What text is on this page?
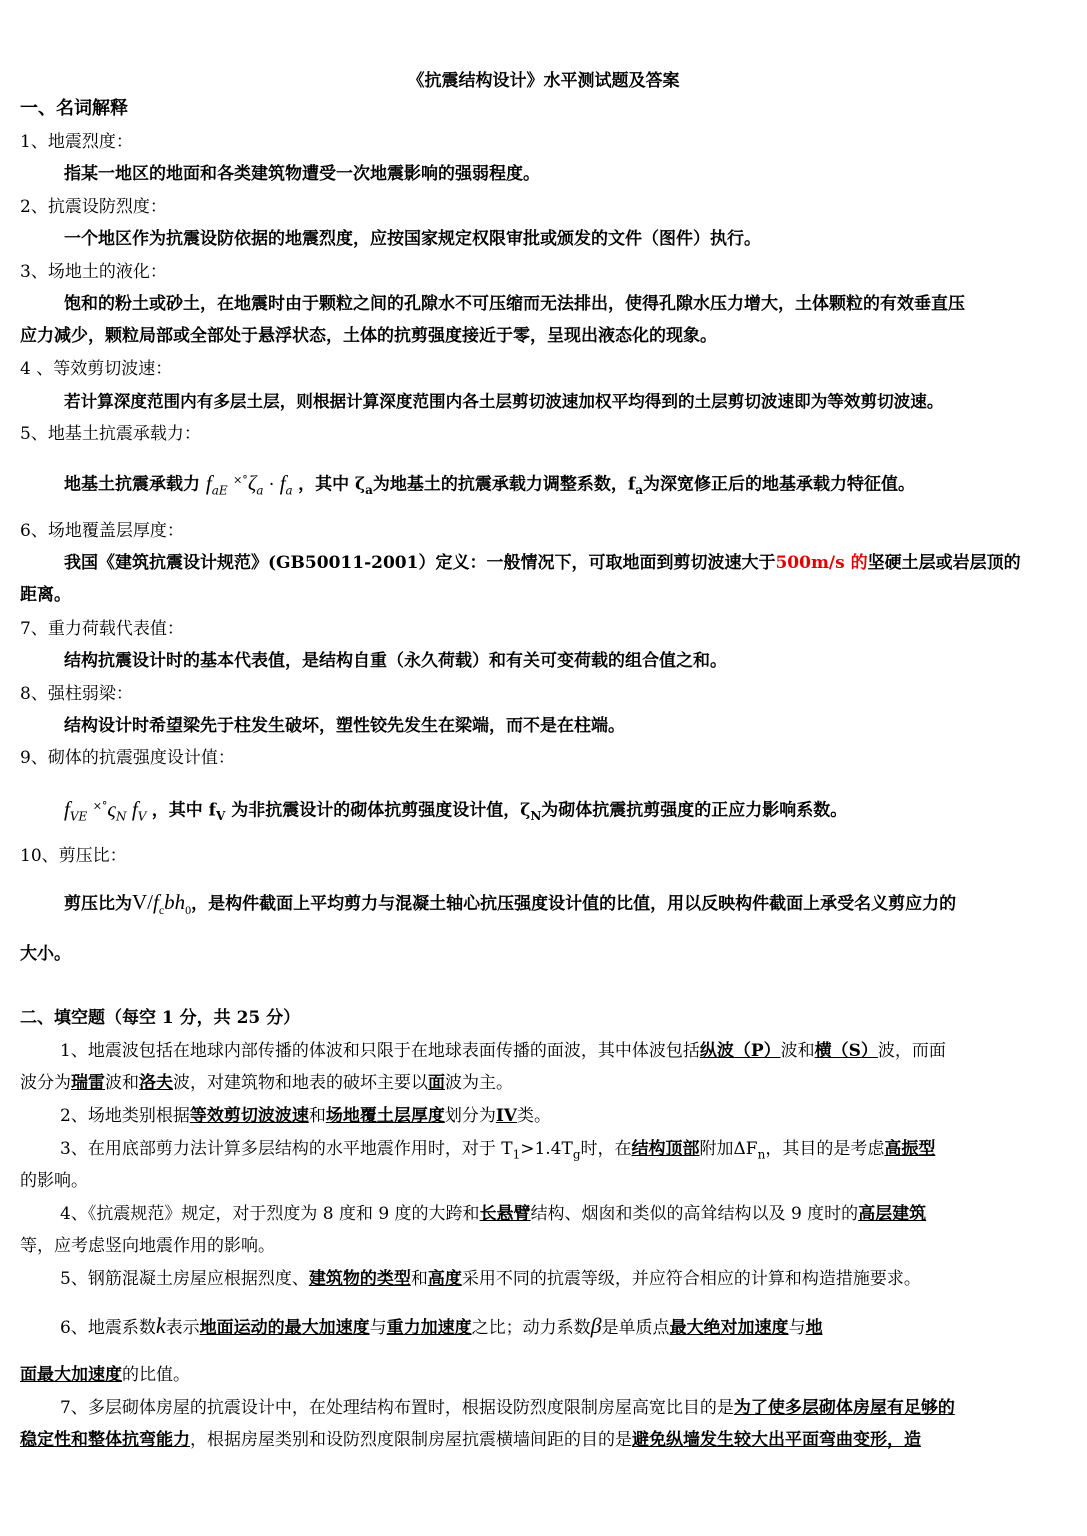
《抗震结构设计》水平测试题及答案
一、名词解释
1、地震烈度：
指某一地区的地面和各类建筑物遭受一次地震影响的强弱程度。
2、抗震设防烈度：
一个地区作为抗震设防依据的地震烈度，应按国家规定权限审批或颁发的文件（图件）执行。
3、场地土的液化：
饱和的粉土或砂土，在地震时由于颗粒之间的孔隙水不可压缩而无法排出，使得孔隙水压力增大，土体颗粒的有效垂直压
应力减少，颗粒局部或全部处于悬浮状态，土体的抗剪强度接近于零，呈现出液态化的现象。
4 、等效剪切波速：
若计算深度范围内有多层土层，则根据计算深度范围内各土层剪切波速加权平均得到的土层剪切波速即为等效剪切波速。
5、地基土抗震承载力：
地基土抗震承载力 $f_{aE}$ $^{\times^\circ}\zeta_a \cdot f_a$ ，其中 $\zeta_a$为地基土的抗震承载力调整系数，$f_a$为深宽修正后的地基承载力特征值。
6、场地覆盖层厚度：
我国《建筑抗震设计规范》(GB50011-2001）定义：一般情况下，可取地面到剪切波速大于500m/s 的坚硬土层或岩层顶的
距离。
7、重力荷载代表值：
结构抗震设计时的基本代表值，是结构自重（永久荷载）和有关可变荷载的组合值之和。
8、强柱弱梁：
结构设计时希望梁先于柱发生破坏，塑性铰先发生在梁端，而不是在柱端。
9、砌体的抗震强度设计值：
$f_{VE}$ $^{\times^\circ}\varsigma_N$ $f_V$ ，其中 $f_V$ 为非抗震设计的砌体抗剪强度设计值，$\zeta_N$为砌体抗震抗剪强度的正应力影响系数。
10、剪压比：
剪压比为$V/f_cbh_0$，是构件截面上平均剪力与混凝土轴心抗压强度设计值的比值，用以反映构件截面上承受名义剪应力的
大小。
二、填空题（每空 1 分，共 25 分）
1、地震波包括在地球内部传播的体波和只限于在地球表面传播的面波，其中体波包括纵波（P）波和横（S）波，而面
波分为瑞雷波和洛夫波，对建筑物和地表的破坏主要以面波为主。
2、场地类别根据等效剪切波波速和场地覆土层厚度划分为IV类。
3、在用底部剪力法计算多层结构的水平地震作用时，对于 $T_1>1.4T_g$时，在结构顶部附加$\Delta F_n$，其目的是考虑高振型
的影响。
4、《抗震规范》规定，对于烈度为 8 度和 9 度的大跨和长悬臂结构、烟囱和类似的高耸结构以及 9 度时的高层建筑
等，应考虑竖向地震作用的影响。
5、钢筋混凝土房屋应根据烈度、建筑物的类型和高度采用不同的抗震等级，并应符合相应的计算和构造措施要求。
6、地震系数k表示地面运动的最大加速度与重力加速度之比；动力系数β是单质点最大绝对加速度与地
面最大加速度的比值。
7、多层砌体房屋的抗震设计中，在处理结构布置时，根据设防烈度限制房屋高宽比目的是为了使多层砌体房屋有足够的
稳定性和整体抗弯能力，根据房屋类别和设防烈度限制房屋抗震横墙间距的目的是避免纵墙发生较大出平面弯曲变形，造
